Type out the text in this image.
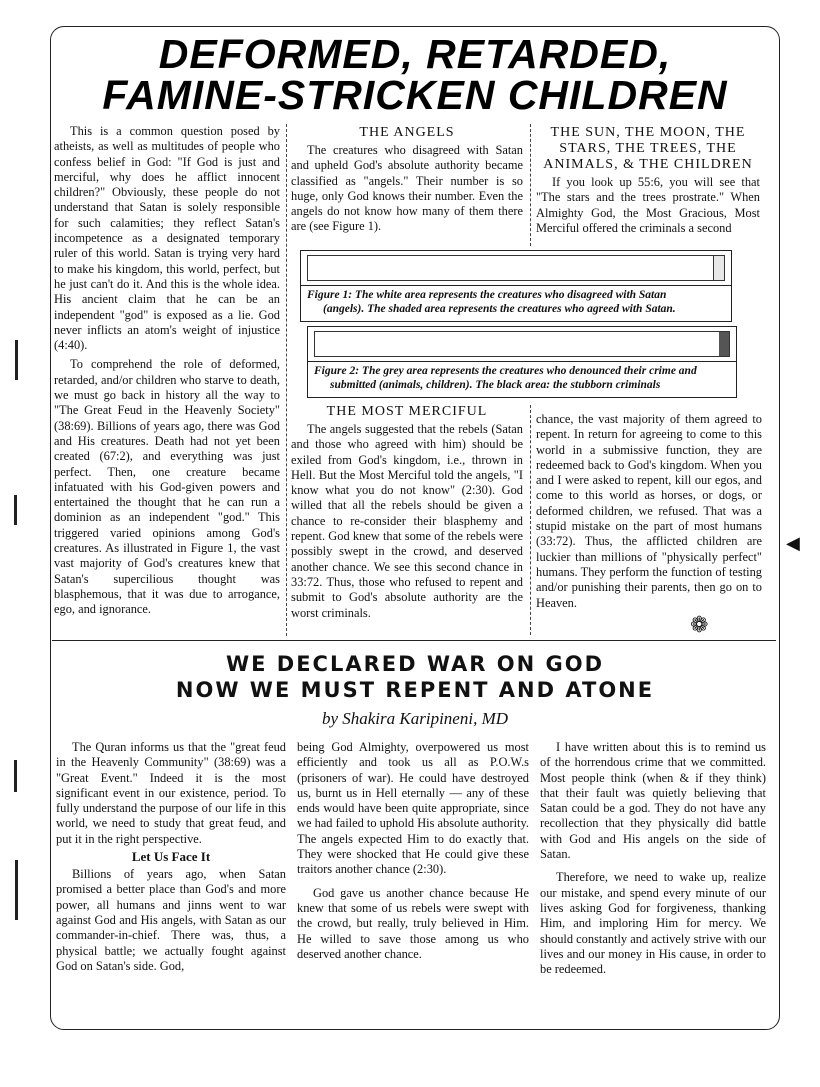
DEFORMED, RETARDED,
FAMINE-STRICKEN CHILDREN

This is a common question posed by atheists, as well as multitudes of people who confess belief in God: "If God is just and merciful, why does he afflict innocent children?" Obviously, these people do not understand that Satan is solely responsible for such calamities; they reflect Satan's incompetence as a designated temporary ruler of this world. Satan is trying very hard to make his kingdom, this world, perfect, but he just can't do it. And this is the whole idea. His ancient claim that he can be an independent "god" is exposed as a lie. God never inflicts an atom's weight of injustice (4:40).

To comprehend the role of deformed, retarded, and/or children who starve to death, we must go back in history all the way to "The Great Feud in the Heavenly Society" (38:69). Billions of years ago, there was God and His creatures. Death had not yet been created (67:2), and everything was just perfect. Then, one creature became infatuated with his God-given powers and entertained the thought that he can run a dominion as an independent "god." This triggered varied opinions among God's creatures. As illustrated in Figure 1, the vast vast majority of God's creatures knew that Satan's supercilious thought was blasphemous, that it was due to arrogance, ego, and ignorance.

THE ANGELS

The creatures who disagreed with Satan and upheld God's absolute authority became classified as "angels." Their number is so huge, only God knows their number. Even the angels do not know how many of them there are (see Figure 1).

THE SUN, THE MOON, THE STARS, THE TREES, THE ANIMALS, & THE CHILDREN

If you look up 55:6, you will see that "The stars and the trees prostrate." When Almighty God, the Most Gracious, Most Merciful offered the criminals a second

Figure 1: The white area represents the creatures who disagreed with Satan
(angels). The shaded area represents the creatures who agreed with Satan.
Figure 2: The grey area represents the creatures who denounced their crime and
submitted (animals, children). The black area: the stubborn criminals
THE MOST MERCIFUL

The angels suggested that the rebels (Satan and those who agreed with him) should be exiled from God's kingdom, i.e., thrown in Hell. But the Most Merciful told the angels, "I know what you do not know" (2:30). God willed that all the rebels should be given a chance to re-consider their blasphemy and repent. God knew that some of the rebels were possibly swept in the crowd, and deserved another chance. We see this second chance in 33:72. Thus, those who refused to repent and submit to God's absolute authority are the worst criminals.

chance, the vast majority of them agreed to repent. In return for agreeing to come to this world in a submissive function, they are redeemed back to God's kingdom. When you and I were asked to repent, kill our egos, and come to this world as horses, or dogs, or deformed children, we refused. That was a stupid mistake on the part of most humans (33:72). Thus, the afflicted children are luckier than millions of "physically perfect" humans. They perform the function of testing and/or punishing their parents, then go on to Heaven.

❁
◀
WE DECLARED WAR ON GOD
NOW WE MUST REPENT AND ATONE
by Shakira Karipineni, MD

The Quran informs us that the "great feud in the Heavenly Community" (38:69) was a "Great Event." Indeed it is the most significant event in our existence, period. To fully understand the purpose of our life in this world, we need to study that great feud, and put it in the right perspective.

Let Us Face It

Billions of years ago, when Satan promised a better place than God's and more power, all humans and jinns went to war against God and His angels, with Satan as our commander-in-chief. There was, thus, a physical battle; we actually fought against God on Satan's side. God,

being God Almighty, overpowered us most efficiently and took us all as P.O.W.s (prisoners of war). He could have destroyed us, burnt us in Hell eternally — any of these ends would have been quite appropriate, since we had failed to uphold His absolute authority. The angels expected Him to do exactly that. They were shocked that He could give these traitors another chance (2:30).

God gave us another chance because He knew that some of us rebels were swept with the crowd, but really, truly believed in Him. He willed to save those among us who deserved another chance.

I have written about this is to remind us of the horrendous crime that we committed. Most people think (when & if they think) that their fault was quietly believing that Satan could be a god. They do not have any recollection that they physically did battle with God and His angels on the side of Satan.

Therefore, we need to wake up, realize our mistake, and spend every minute of our lives asking God for forgiveness, thanking Him, and imploring Him for mercy. We should constantly and actively strive with our lives and our money in His cause, in order to be redeemed.
